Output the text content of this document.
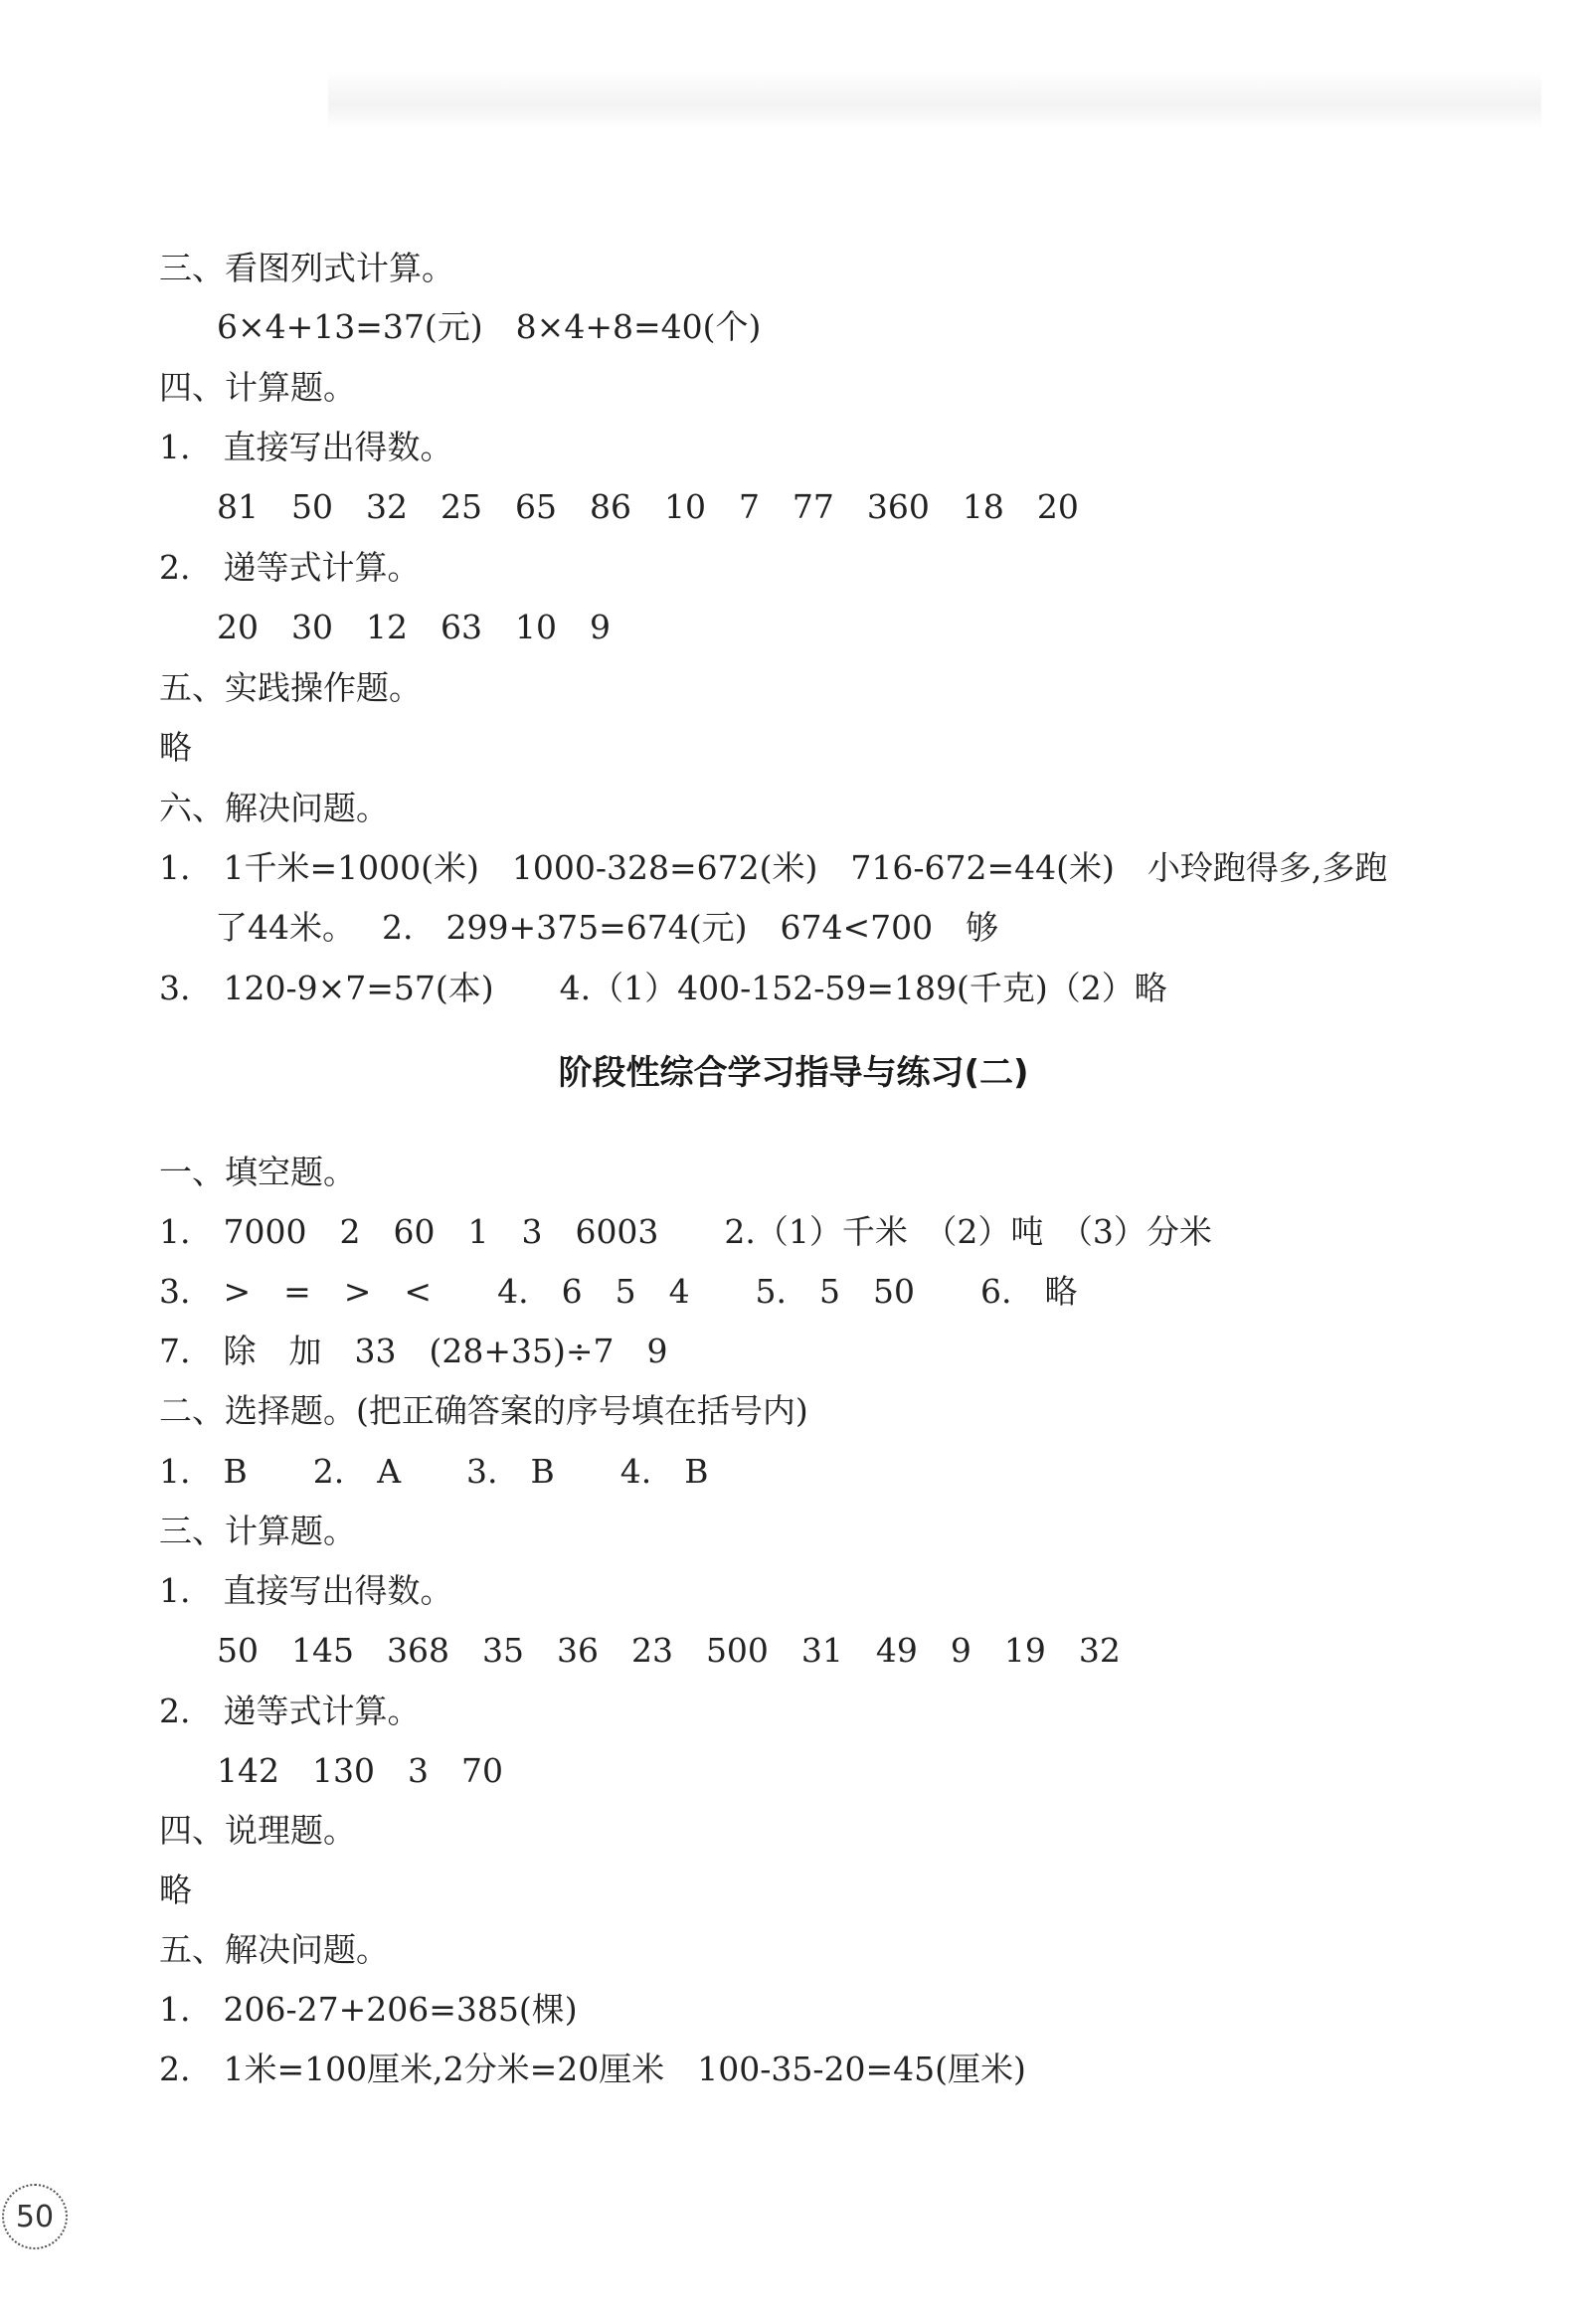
三、看图列式计算。

6×4+13=37(元)　8×4+8=40(个)

四、计算题。

1.　直接写出得数。

81　50　32　25　65　86　10　7　77　360　18　20

2.　递等式计算。

20　30　12　63　10　9

五、实践操作题。

略

六、解决问题。

1.　1千米=1000(米)　1000-328=672(米)　716-672=44(米)　小玲跑得多,多跑

了44米。　 2.　299+375=674(元)　674<700　够

3.　120-9×7=57(本)　　4.（1）400-152-59=189(千克)（2）略

阶段性综合学习指导与练习(二)

一、填空题。

1.　7000　2　60　1　3　6003　　2.（1）千米　（2）吨　（3）分米

3.　>　=　>　<　　4.　6　5　4　　5.　5　50　　6.　略

7.　除　加　33　(28+35)÷7　9

二、选择题。(把正确答案的序号填在括号内)

1.　B　　2.　A　　3.　B　　4.　B

三、计算题。

1.　直接写出得数。

50　145　368　35　36　23　500　31　49　9　19　32

2.　递等式计算。

142　130　3　70

四、说理题。

略

五、解决问题。

1.　206-27+206=385(棵)

2.　1米=100厘米,2分米=20厘米　100-35-20=45(厘米)

50
